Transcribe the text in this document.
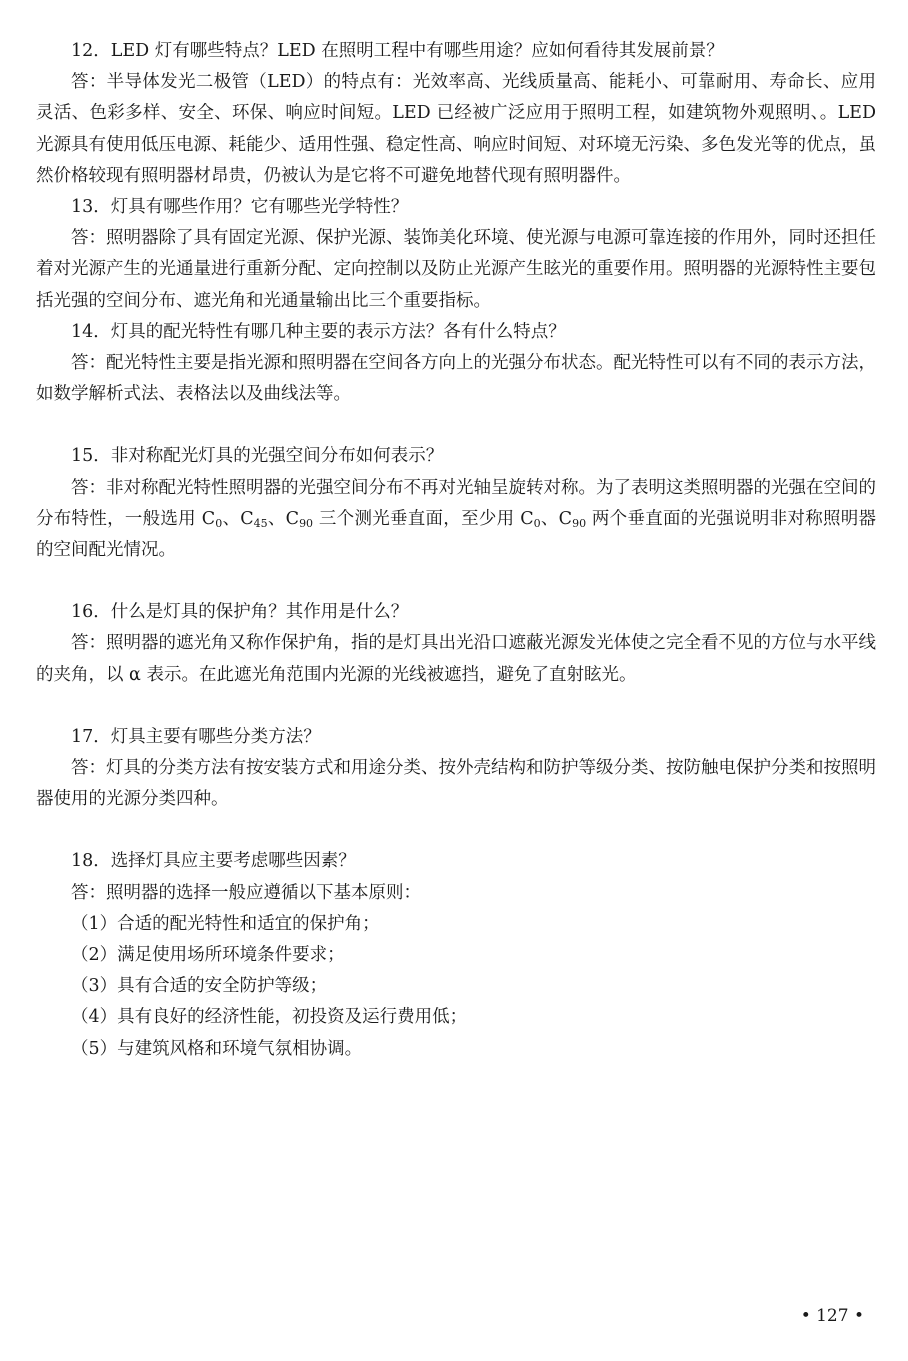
12．LED 灯有哪些特点？LED 在照明工程中有哪些用途？应如何看待其发展前景？

答：半导体发光二极管（LED）的特点有：光效率高、光线质量高、能耗小、可靠耐用、寿命长、应用灵活、色彩多样、安全、环保、响应时间短。LED 已经被广泛应用于照明工程，如建筑物外观照明、。LED 光源具有使用低压电源、耗能少、适用性强、稳定性高、响应时间短、对环境无污染、多色发光等的优点，虽然价格较现有照明器材昂贵，仍被认为是它将不可避免地替代现有照明器件。

13．灯具有哪些作用？它有哪些光学特性？

答：照明器除了具有固定光源、保护光源、装饰美化环境、使光源与电源可靠连接的作用外，同时还担任着对光源产生的光通量进行重新分配、定向控制以及防止光源产生眩光的重要作用。照明器的光源特性主要包括光强的空间分布、遮光角和光通量输出比三个重要指标。

14．灯具的配光特性有哪几种主要的表示方法？各有什么特点？

答：配光特性主要是指光源和照明器在空间各方向上的光强分布状态。配光特性可以有不同的表示方法，如数学解析式法、表格法以及曲线法等。

15．非对称配光灯具的光强空间分布如何表示？

答：非对称配光特性照明器的光强空间分布不再对光轴呈旋转对称。为了表明这类照明器的光强在空间的分布特性，一般选用 $C_0$、$C_{45}$、$C_{90}$ 三个测光垂直面，至少用 $C_0$、$C_{90}$ 两个垂直面的光强说明非对称照明器的空间配光情况。

16．什么是灯具的保护角？其作用是什么？

答：照明器的遮光角又称作保护角，指的是灯具出光沿口遮蔽光源发光体使之完全看不见的方位与水平线的夹角，以 α 表示。在此遮光角范围内光源的光线被遮挡，避免了直射眩光。

17．灯具主要有哪些分类方法？

答：灯具的分类方法有按安装方式和用途分类、按外壳结构和防护等级分类、按防触电保护分类和按照明器使用的光源分类四种。

18．选择灯具应主要考虑哪些因素？

答：照明器的选择一般应遵循以下基本原则：

（1）合适的配光特性和适宜的保护角；

（2）满足使用场所环境条件要求；

（3）具有合适的安全防护等级；

（4）具有良好的经济性能，初投资及运行费用低；

（5）与建筑风格和环境气氛相协调。

• 127 •
